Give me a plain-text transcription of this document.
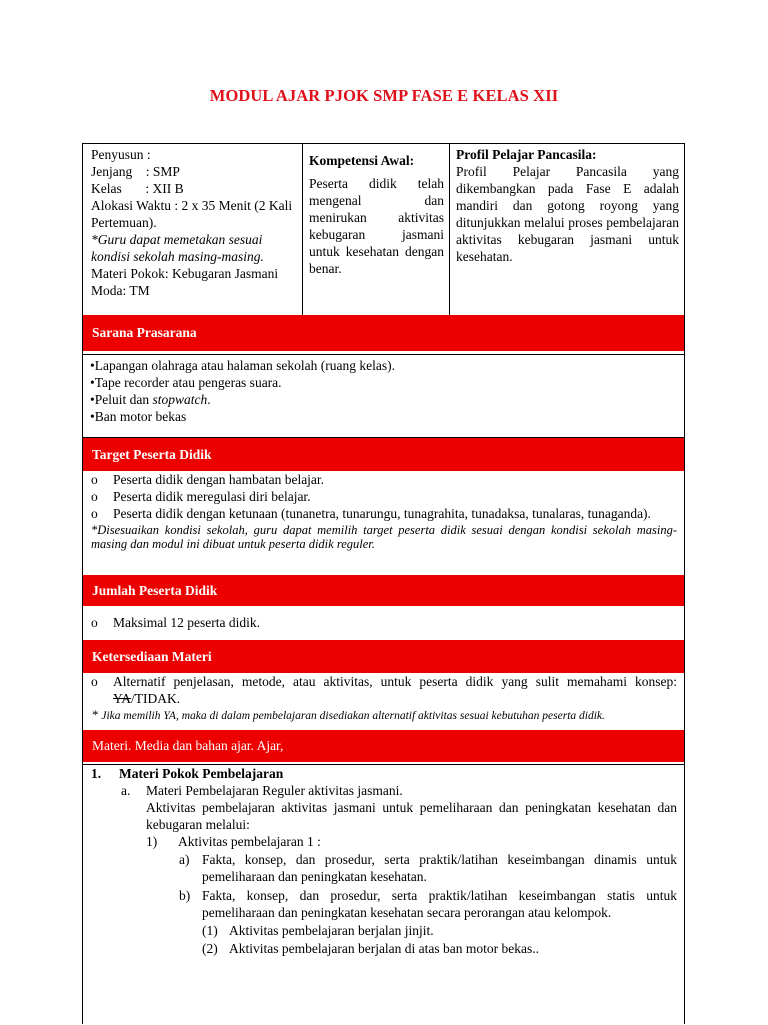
MODUL AJAR PJOK SMP FASE E KELAS XII
Penyusun :
Jenjang    : SMP
Kelas       : XII B
Alokasi Waktu : 2 x 35 Menit (2 Kali Pertemuan).
*Guru dapat memetakan sesuai kondisi sekolah masing-masing.
Materi Pokok: Kebugaran Jasmani
Moda: TM
Kompetensi Awal:
Peserta didik telah mengenal dan menirukan aktivitas kebugaran jasmani untuk kesehatan dengan benar.
Profil Pelajar Pancasila:
Profil Pelajar Pancasila yang dikembangkan pada Fase E adalah mandiri dan gotong royong yang ditunjukkan melalui proses pembelajaran aktivitas kebugaran jasmani untuk kesehatan.
Sarana Prasarana
•Lapangan olahraga atau halaman sekolah (ruang kelas).
•Tape recorder atau pengeras suara.
•Peluit dan stopwatch.
•Ban motor bekas
Target Peserta Didik
o Peserta didik dengan hambatan belajar.
o Peserta didik meregulasi diri belajar.
o Peserta didik dengan ketunaan (tunanetra, tunarungu, tunagrahita, tunadaksa, tunalaras, tunaganda).
*Disesuaikan kondisi sekolah, guru dapat memilih target peserta didik sesuai dengan kondisi sekolah masing-masing dan modul ini dibuat untuk peserta didik reguler.
Jumlah Peserta Didik
o Maksimal 12 peserta didik.
Ketersediaan Materi
o Alternatif penjelasan, metode, atau aktivitas, untuk peserta didik yang sulit memahami konsep: YA/TIDAK.
* Jika memilih YA, maka di dalam pembelajaran disediakan alternatif aktivitas sesuai kebutuhan peserta didik.
Materi. Media dan bahan ajar. Ajar,
1. Materi Pokok Pembelajaran
a. Materi Pembelajaran Reguler aktivitas jasmani.
Aktivitas pembelajaran aktivitas jasmani untuk pemeliharaan dan peningkatan kesehatan dan kebugaran melalui:
1) Aktivitas pembelajaran 1 :
a) Fakta, konsep, dan prosedur, serta praktik/latihan keseimbangan dinamis untuk pemeliharaan dan peningkatan kesehatan.
b) Fakta, konsep, dan prosedur, serta praktik/latihan keseimbangan statis untuk pemeliharaan dan peningkatan kesehatan secara perorangan atau kelompok.
(1) Aktivitas pembelajaran berjalan jinjit.
(2) Aktivitas pembelajaran berjalan di atas ban motor bekas..
